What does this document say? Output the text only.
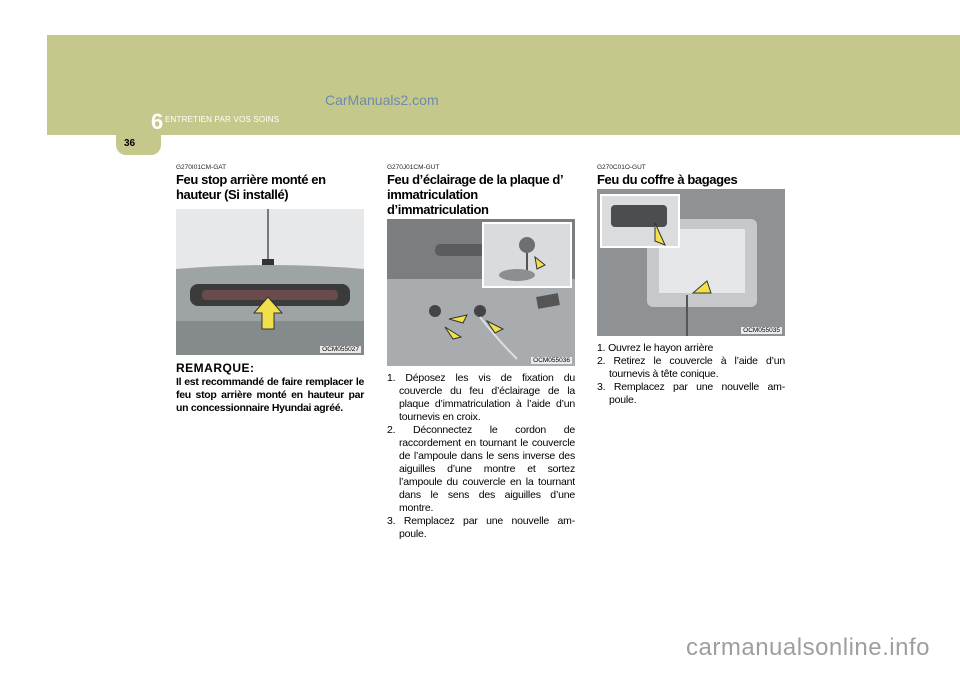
6 ENTRETIEN PAR VOS SOINS
CarManuals2.com
36

G270I01CM-GAT

Feu stop arrière monté en hauteur (Si installé)
OCM055027

REMARQUE:

Il est recommandé de faire remplacer le feu stop arrière monté en hauteur par un concessionnaire Hyundai agréé.

G270J01CM-GUT

Feu d’éclairage de la plaque d’ immatriculation d’immatriculation
OCM055036
1. Déposez les vis de fixation du couvercle du feu d’éclairage de la plaque d’immatriculation à l’aide d’un tournevis en croix.
2. Déconnectez le cordon de raccordement en tournant le couvercle de l’ampoule dans le sens inverse des aiguilles d’une montre et sortez l’ampoule du couvercle en la tournant dans le sens des aiguilles d’une montre.
3. Remplacez par une nouvelle am- poule.

G270C01O-GUT

Feu du coffre à bagages
OCM055035
1. Ouvrez le hayon arrière
2. Retirez le couvercle à l’aide d’un tournevis à tête conique.
3. Remplacez par une nouvelle am- poule.
carmanualsonline.info
